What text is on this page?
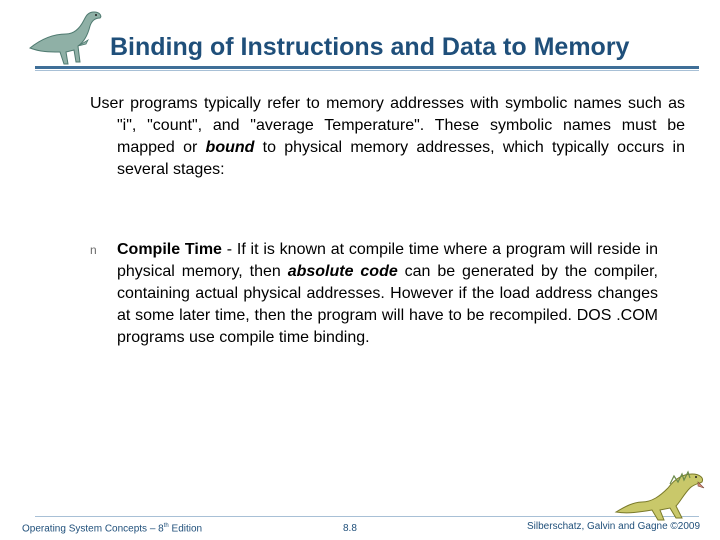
Binding of Instructions and Data to Memory

User programs typically refer to memory addresses with symbolic names such as "i", "count", and "average Temperature". These symbolic names must be mapped or bound to physical memory addresses, which typically occurs in several stages:

n	Compile Time - If it is known at compile time where a program will reside in physical memory, then absolute code can be generated by the compiler, containing actual physical addresses. However if the load address changes at some later time, then the program will have to be recompiled. DOS .COM programs use compile time binding.
Operating System Concepts – 8th Edition	8.8	Silberschatz, Galvin and Gagne ©2009
